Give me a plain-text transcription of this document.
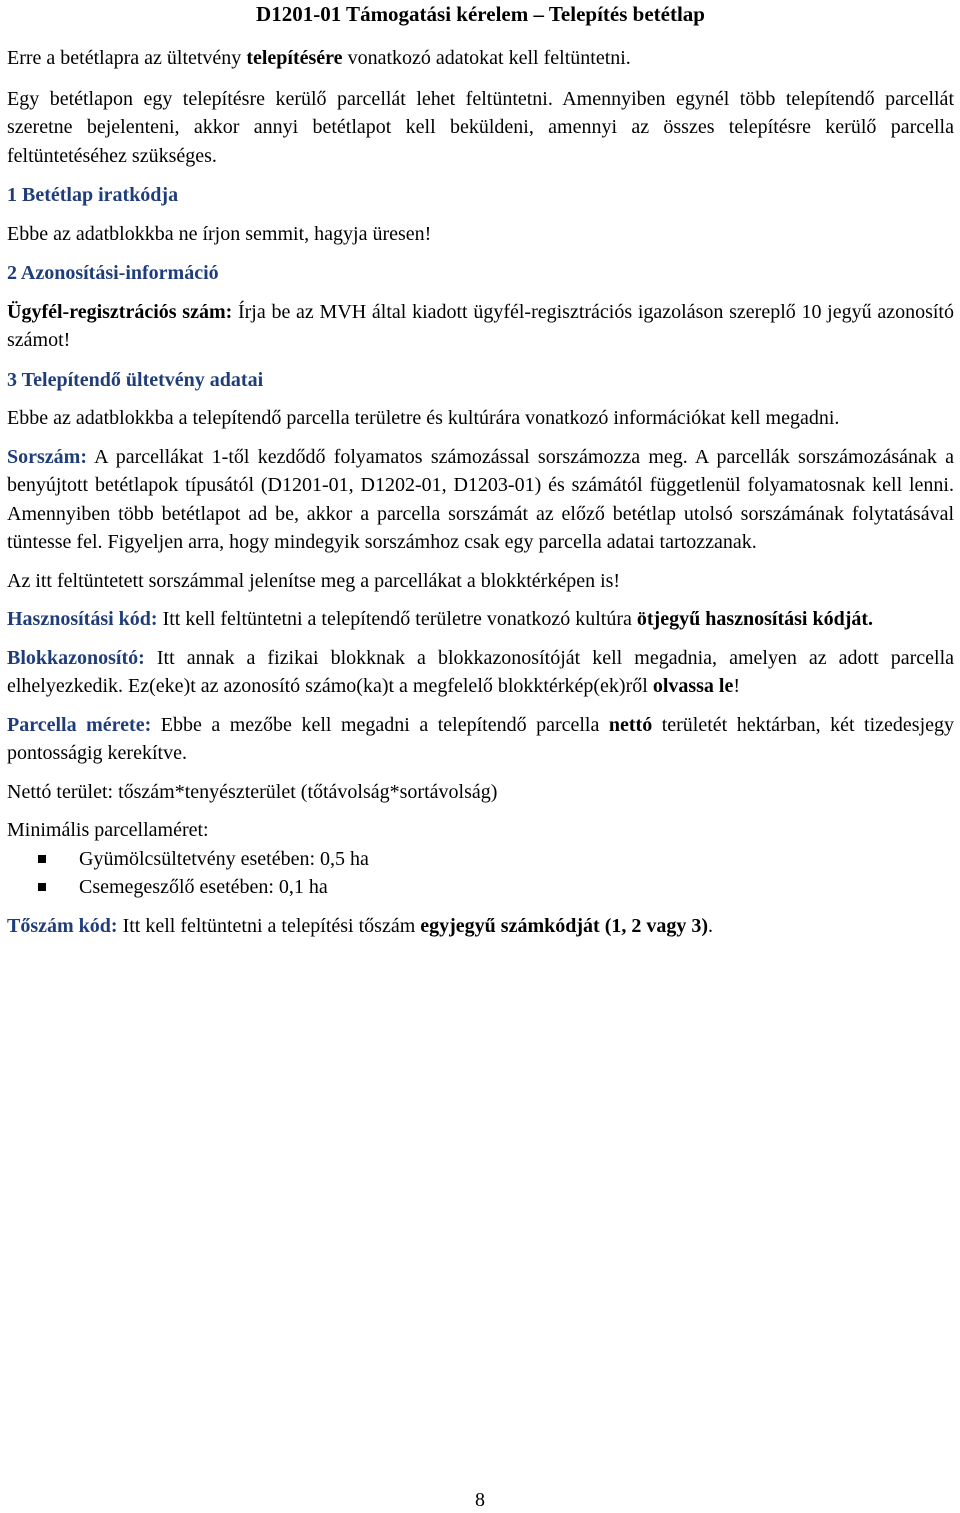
D1201-01 Támogatási kérelem – Telepítés betétlap

Erre a betétlapra az ültetvény telepítésére vonatkozó adatokat kell feltüntetni.

Egy betétlapon egy telepítésre kerülő parcellát lehet feltüntetni. Amennyiben egynél több telepítendő parcellát szeretne bejelenteni, akkor annyi betétlapot kell beküldeni, amennyi az összes telepítésre kerülő parcella feltüntetéséhez szükséges.

1 Betétlap iratkódja

Ebbe az adatblokkba ne írjon semmit, hagyja üresen!

2 Azonosítási-információ

Ügyfél-regisztrációs szám: Írja be az MVH által kiadott ügyfél-regisztrációs igazoláson szereplő 10 jegyű azonosító számot!

3 Telepítendő ültetvény adatai

Ebbe az adatblokkba a telepítendő parcella területre és kultúrára vonatkozó információkat kell megadni.

Sorszám: A parcellákat 1-től kezdődő folyamatos számozással sorszámozza meg. A parcellák sorszámozásának a benyújtott betétlapok típusától (D1201-01, D1202-01, D1203-01) és számától függetlenül folyamatosnak kell lenni. Amennyiben több betétlapot ad be, akkor a parcella sorszámát az előző betétlap utolsó sorszámának folytatásával tüntesse fel. Figyeljen arra, hogy mindegyik sorszámhoz csak egy parcella adatai tartozzanak.

Az itt feltüntetett sorszámmal jelenítse meg a parcellákat a blokktérképen is!

Hasznosítási kód: Itt kell feltüntetni a telepítendő területre vonatkozó kultúra ötjegyű hasznosítási kódját.

Blokkazonosító: Itt annak a fizikai blokknak a blokkazonosítóját kell megadnia, amelyen az adott parcella elhelyezkedik. Ez(eke)t az azonosító számo(ka)t a megfelelő blokktérkép(ek)ről olvassa le!

Parcella mérete: Ebbe a mezőbe kell megadni a telepítendő parcella nettó területét hektárban, két tizedesjegy pontosságig kerekítve.

Nettó terület: tőszám*tenyészterület (tőtávolság*sortávolság)

Minimális parcellaméret:

Gyümölcsültetvény esetében: 0,5 ha
Csemegeszőlő esetében: 0,1 ha

Tőszám kód: Itt kell feltüntetni a telepítési tőszám egyjegyű számkódját (1, 2 vagy 3).

8
